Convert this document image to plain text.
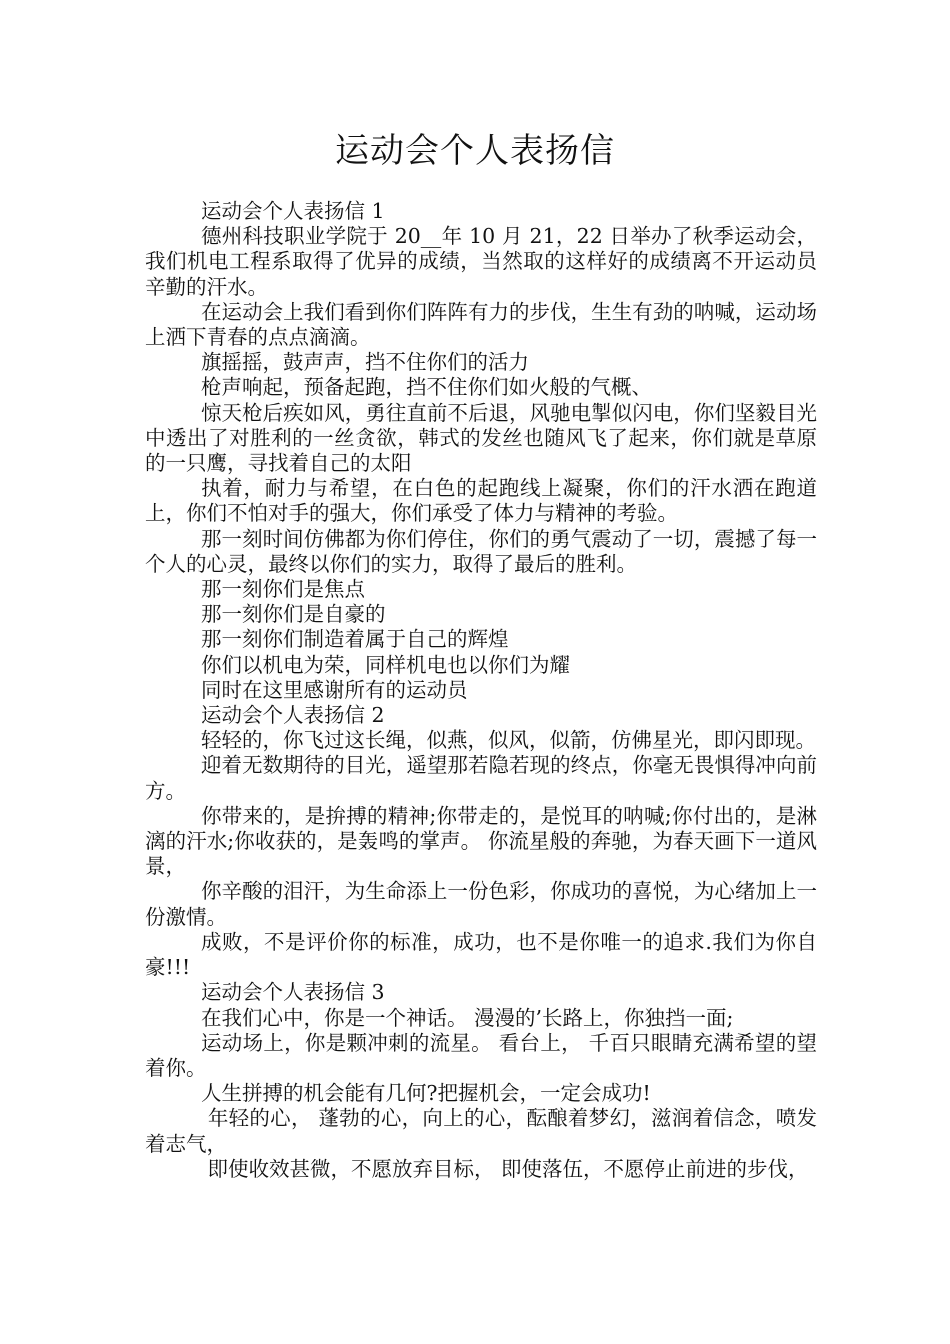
运动会个人表扬信

运动会个人表扬信 1

德州科技职业学院于 20__年 10 月 21，22 日举办了秋季运动会，我们机电工程系取得了优异的成绩，当然取的这样好的成绩离不开运动员辛勤的汗水。

在运动会上我们看到你们阵阵有力的步伐，生生有劲的呐喊，运动场上洒下青春的点点滴滴。

旗摇摇，鼓声声，挡不住你们的活力

枪声响起，预备起跑，挡不住你们如火般的气概、

惊天枪后疾如风，勇往直前不后退，风驰电掣似闪电，你们坚毅目光中透出了对胜利的一丝贪欲，韩式的发丝也随风飞了起来，你们就是草原的一只鹰，寻找着自己的太阳

执着，耐力与希望，在白色的起跑线上凝聚，你们的汗水洒在跑道上，你们不怕对手的强大，你们承受了体力与精神的考验。

那一刻时间仿佛都为你们停住，你们的勇气震动了一切，震撼了每一个人的心灵，最终以你们的实力，取得了最后的胜利。

那一刻你们是焦点

那一刻你们是自豪的

那一刻你们制造着属于自己的辉煌

你们以机电为荣，同样机电也以你们为耀

同时在这里感谢所有的运动员

运动会个人表扬信 2

轻轻的，你飞过这长绳，似燕，似风，似箭，仿佛星光，即闪即现。

迎着无数期待的目光，遥望那若隐若现的终点，你毫无畏惧得冲向前方。

你带来的，是拚搏的精神;你带走的，是悦耳的呐喊;你付出的，是淋漓的汗水;你收获的，是轰鸣的掌声。 你流星般的奔驰，为春天画下一道风景，

你辛酸的泪汗，为生命添上一份色彩，你成功的喜悦，为心绪加上一份激情。

成败，不是评价你的标准，成功，也不是你唯一的追求.我们为你自豪!!!

运动会个人表扬信 3

在我们心中，你是一个神话。 漫漫的’长路上，你独挡一面;

运动场上，你是颗冲刺的流星。 看台上， 千百只眼睛充满希望的望着你。

人生拼搏的机会能有几何?把握机会，一定会成功!

年轻的心， 蓬勃的心，向上的心，酝酿着梦幻，滋润着信念，喷发着志气，

即使收效甚微，不愿放弃目标， 即使落伍，不愿停止前进的步伐，
